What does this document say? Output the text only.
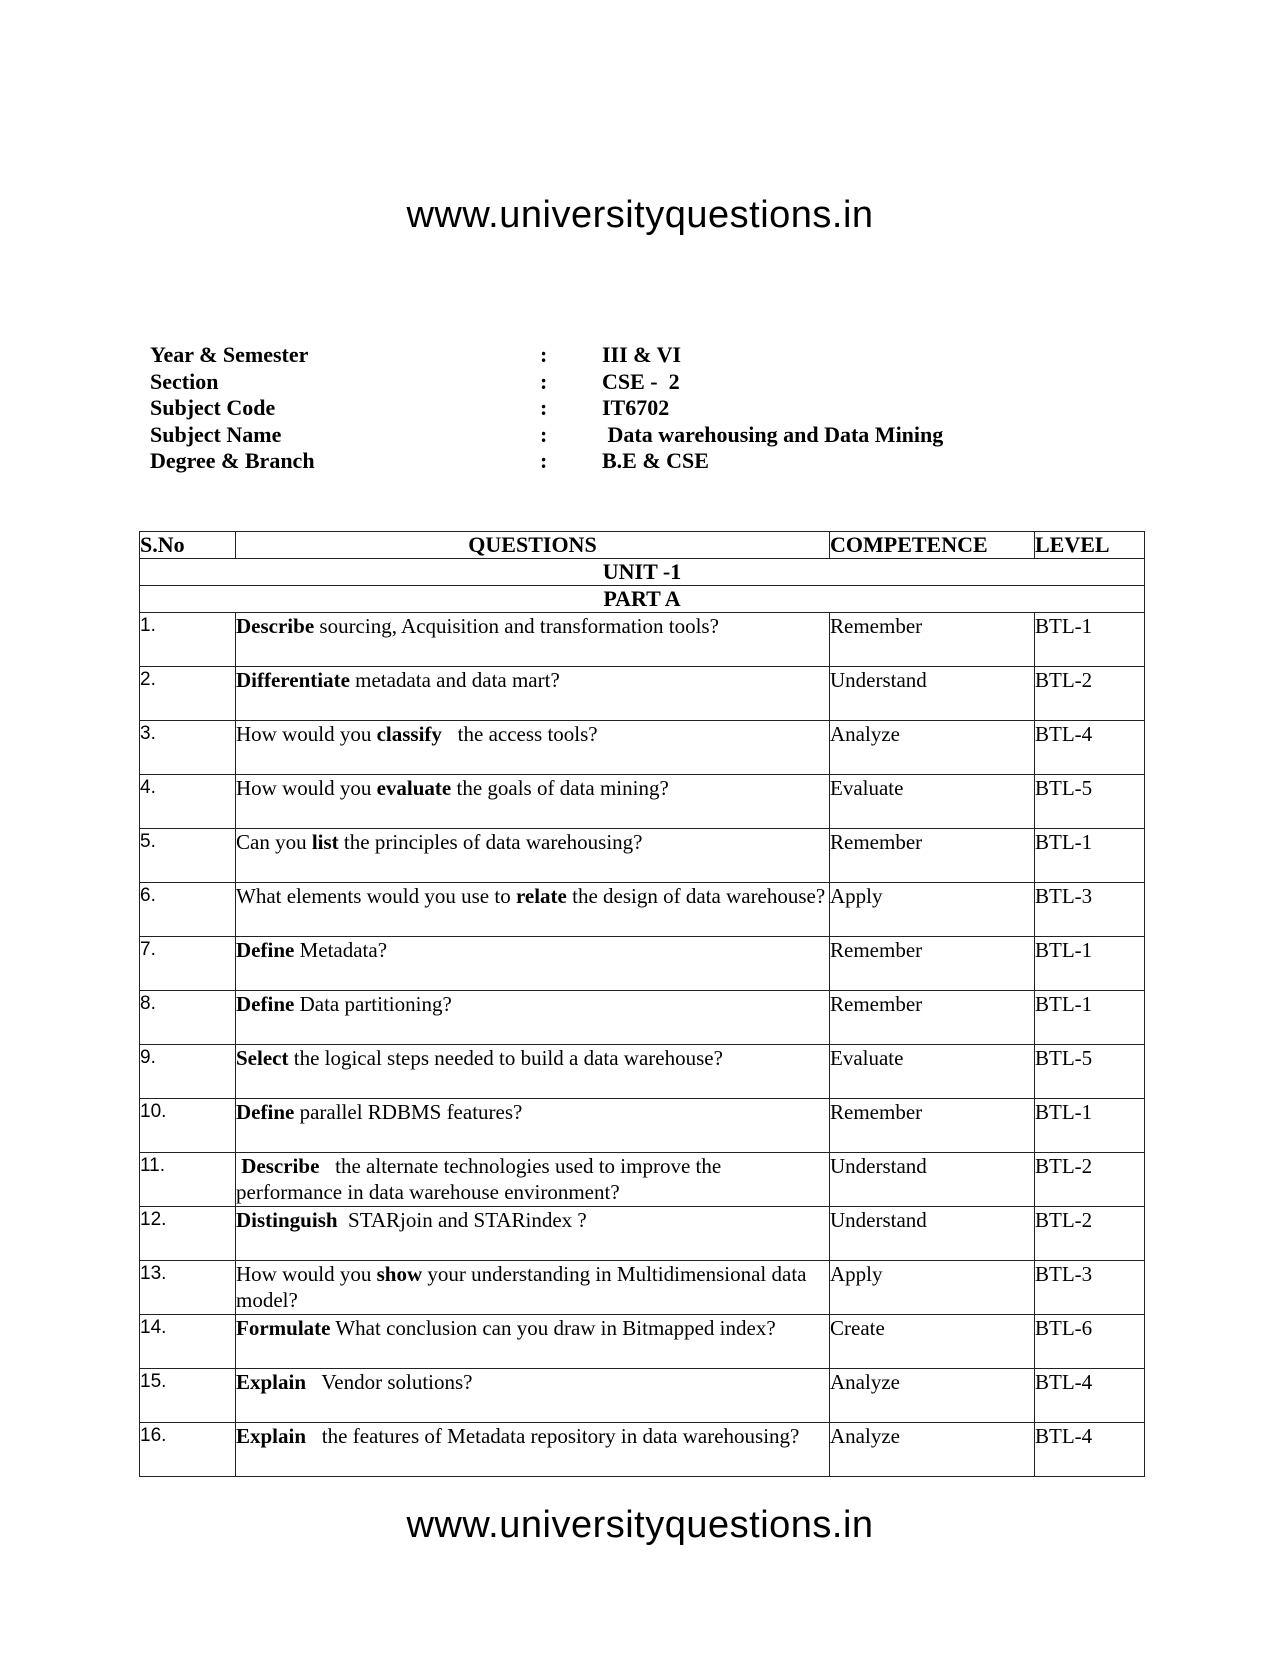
www.universityquestions.in
Year & Semester	: III & VI
Section	: CSE -  2
Subject Code	: IT6702
Subject Name	: Data warehousing and Data Mining
Degree & Branch	: B.E & CSE
S.No	QUESTIONS	COMPETENCE	LEVEL
UNIT -1			
PART A			
1.	Describe sourcing, Acquisition and transformation tools?	Remember	BTL-1
2.	Differentiate metadata and data mart?	Understand	BTL-2
3.	How would you classify   the access tools?	Analyze	BTL-4
4.	How would you evaluate the goals of data mining?	Evaluate	BTL-5
5.	Can you list the principles of data warehousing?	Remember	BTL-1
6.	What elements would you use to relate the design of data warehouse?	Apply	BTL-3
7.	Define Metadata?	Remember	BTL-1
8.	Define Data partitioning?	Remember	BTL-1
9.	Select the logical steps needed to build a data warehouse?	Evaluate	BTL-5
10.	Define parallel RDBMS features?	Remember	BTL-1
11.	Describe   the alternate technologies used to improve the performance in data warehouse environment?	Understand	BTL-2
12.	Distinguish  STARjoin and STARindex ?	Understand	BTL-2
13.	How would you show your understanding in Multidimensional data model?	Apply	BTL-3
14.	Formulate What conclusion can you draw in Bitmapped index?	Create	BTL-6
15.	Explain   Vendor solutions?	Analyze	BTL-4
16.	Explain   the features of Metadata repository in data warehousing?	Analyze	BTL-4
www.universityquestions.in
